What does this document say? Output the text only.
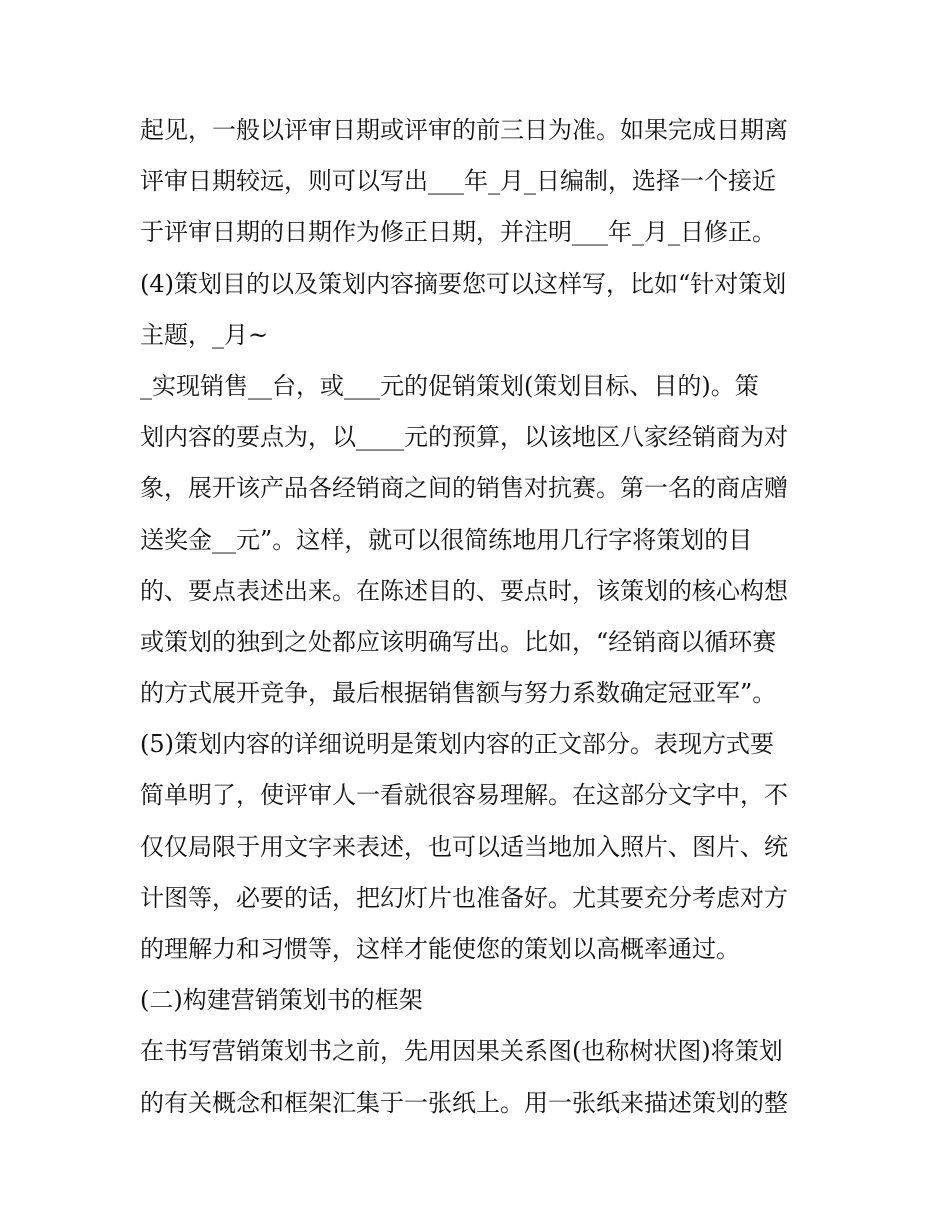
起见，一般以评审日期或评审的前三日为准。如果完成日期离
评审日期较远，则可以写出___年_月_日编制，选择一个接近
于评审日期的日期作为修正日期，并注明___年_月_日修正。
(4)策划目的以及策划内容摘要您可以这样写，比如“针对策划
主题，_月~
_实现销售__台，或___元的促销策划(策划目标、目的)。策
划内容的要点为，以____元的预算，以该地区八家经销商为对
象，展开该产品各经销商之间的销售对抗赛。第一名的商店赠
送奖金__元”。这样，就可以很简练地用几行字将策划的目
的、要点表述出来。在陈述目的、要点时，该策划的核心构想
或策划的独到之处都应该明确写出。比如，“经销商以循环赛
的方式展开竞争，最后根据销售额与努力系数确定冠亚军”。
(5)策划内容的详细说明是策划内容的正文部分。表现方式要
简单明了，使评审人一看就很容易理解。在这部分文字中，不
仅仅局限于用文字来表述，也可以适当地加入照片、图片、统
计图等，必要的话，把幻灯片也准备好。尤其要充分考虑对方
的理解力和习惯等，这样才能使您的策划以高概率通过。
(二)构建营销策划书的框架
在书写营销策划书之前，先用因果关系图(也称树状图)将策划
的有关概念和框架汇集于一张纸上。用一张纸来描述策划的整
